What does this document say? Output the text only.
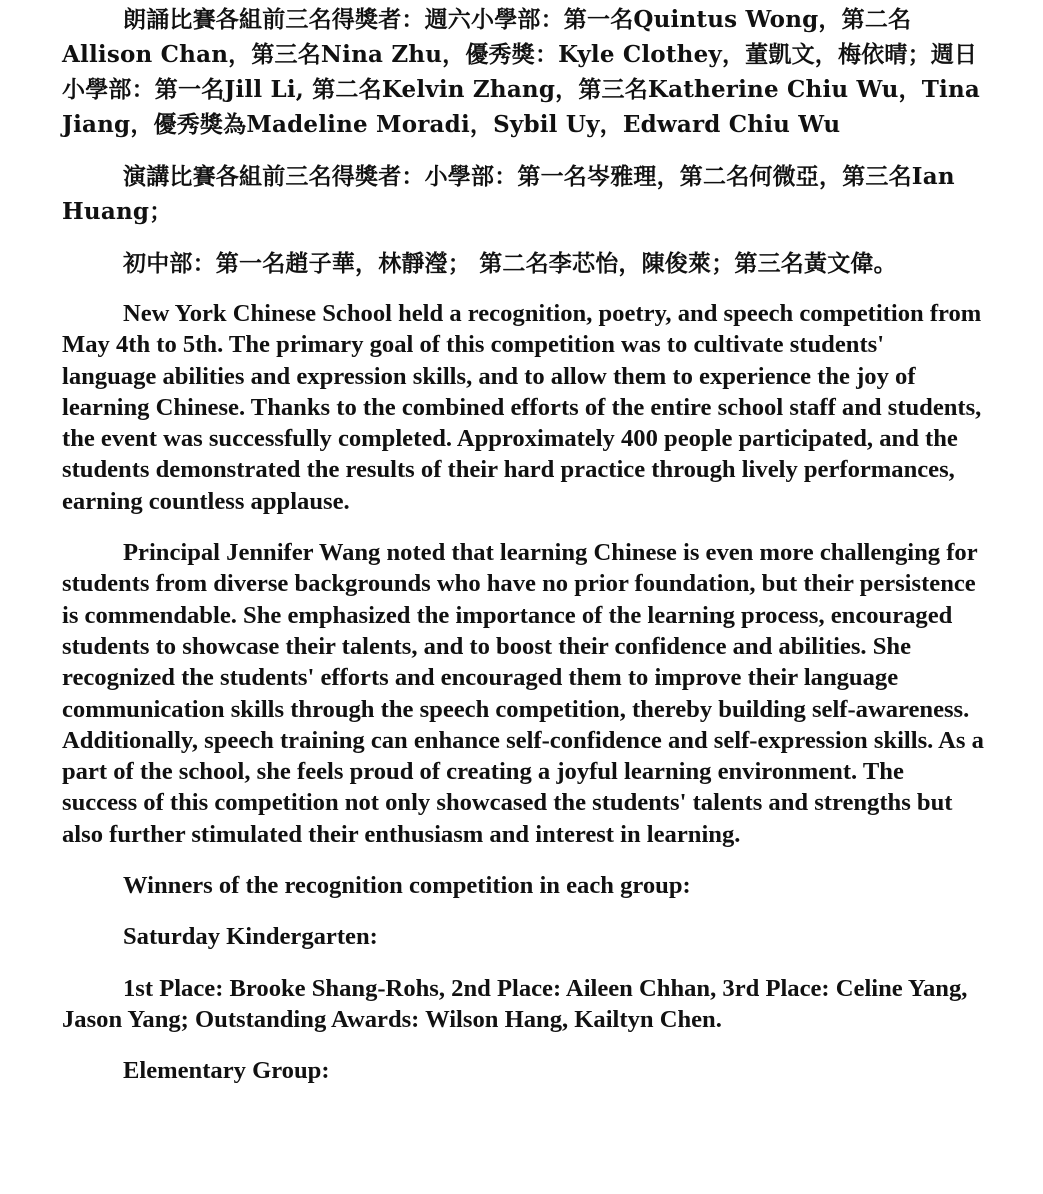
朗誦比賽各組前三名得獎者：週六小學部：第一名Quintus Wong，第二名Allison Chan，第三名Nina Zhu，優秀獎：Kyle Clothey，董凱文，梅依晴；週日小學部：第一名Jill Li, 第二名Kelvin Zhang，第三名Katherine Chiu Wu，Tina Jiang，優秀獎為Madeline Moradi，Sybil Uy，Edward Chiu Wu

演講比賽各組前三名得獎者：小學部：第一名岑雅理，第二名何微亞，第三名Ian Huang；

初中部：第一名趙子華，林靜瀅； 第二名李芯怡，陳俊萊；第三名黃文偉。

New York Chinese School held a recognition, poetry, and speech competition from May 4th to 5th. The primary goal of this competition was to cultivate students' language abilities and expression skills, and to allow them to experience the joy of learning Chinese. Thanks to the combined efforts of the entire school staff and students, the event was successfully completed. Approximately 400 people participated, and the students demonstrated the results of their hard practice through lively performances, earning countless applause.

Principal Jennifer Wang noted that learning Chinese is even more challenging for students from diverse backgrounds who have no prior foundation, but their persistence is commendable. She emphasized the importance of the learning process, encouraged students to showcase their talents, and to boost their confidence and abilities. She recognized the students' efforts and encouraged them to improve their language communication skills through the speech competition, thereby building self-awareness. Additionally, speech training can enhance self-confidence and self-expression skills. As a part of the school, she feels proud of creating a joyful learning environment. The success of this competition not only showcased the students' talents and strengths but also further stimulated their enthusiasm and interest in learning.

Winners of the recognition competition in each group:

Saturday Kindergarten:

1st Place: Brooke Shang-Rohs, 2nd Place: Aileen Chhan, 3rd Place: Celine Yang, Jason Yang; Outstanding Awards: Wilson Hang, Kailtyn Chen.

Elementary Group:
